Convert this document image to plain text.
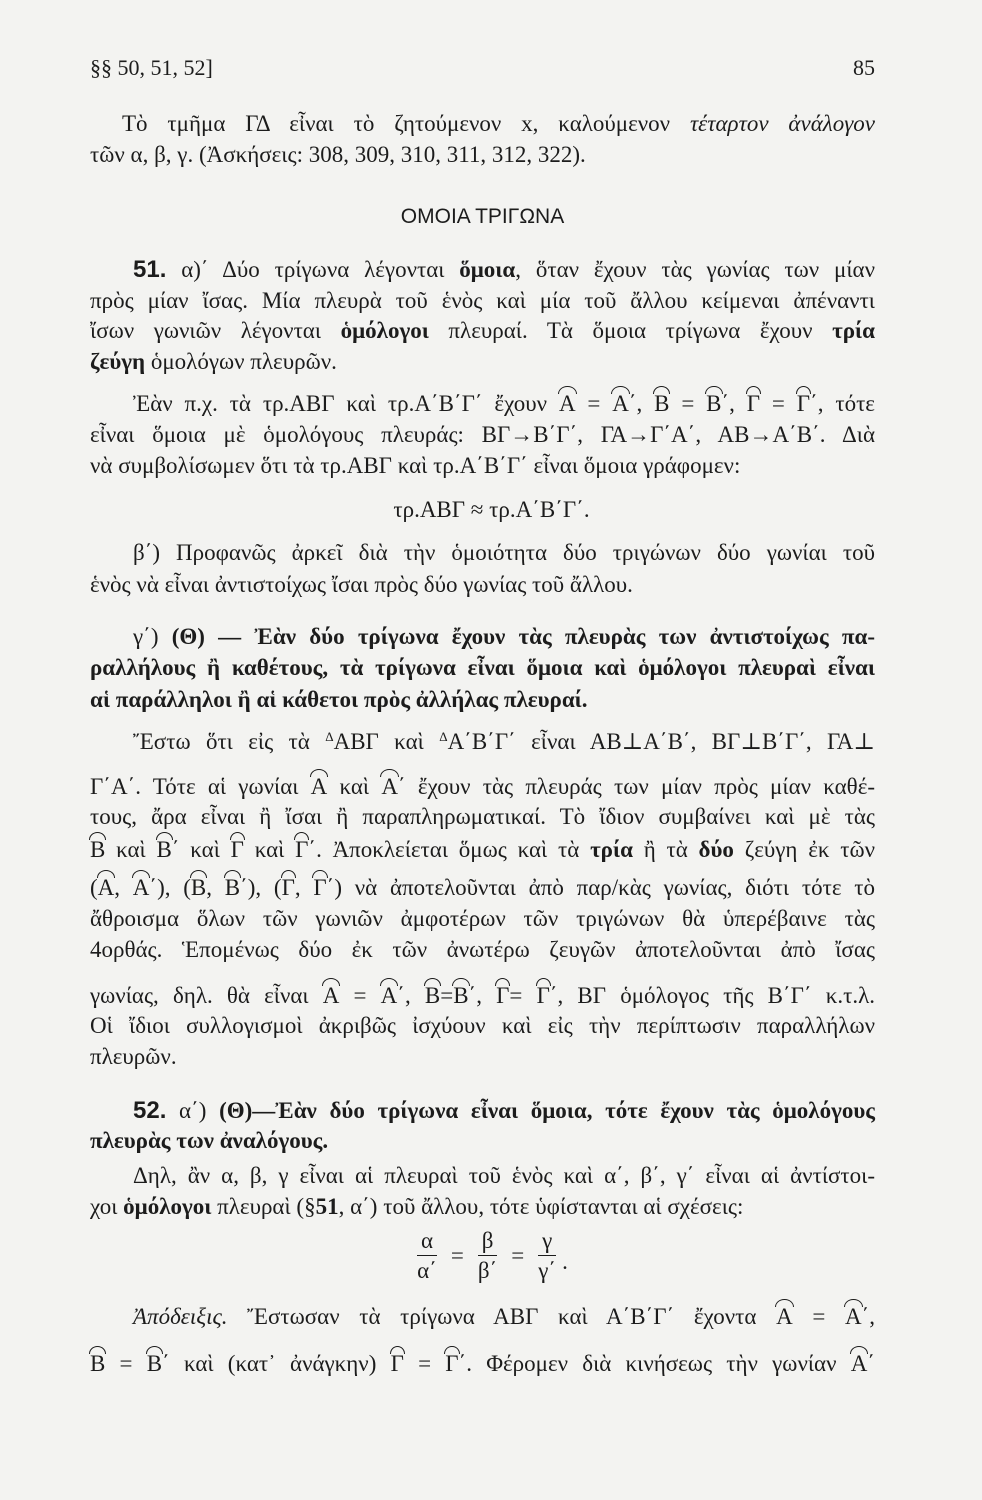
§§ 50, 51, 52]	85
Τὸ τμῆμα ΓΔ εἶναι τὸ ζητούμενον x, καλούμενον τέταρτον ἀνάλογον
τῶν α, β, γ. (Ἀσκήσεις: 308, 309, 310, 311, 312, 322).
ΟΜΟΙΑ ΤΡΙΓΩΝΑ
51. α)΄ Δύο τρίγωνα λέγονται ὅμοια, ὅταν ἔχουν τὰς γωνίας των μίαν
πρὸς μίαν ἴσας. Μία πλευρὰ τοῦ ἑνὸς καὶ μία τοῦ ἄλλου κείμεναι ἀπέναντι
ἴσων γωνιῶν λέγονται ὁμόλογοι πλευραί. Τὰ ὅμοια τρίγωνα ἔχουν τρία
ζεύγη ὁμολόγων πλευρῶν.
Ἐὰν π.χ. τὰ τρ.ΑΒΓ καὶ τρ.Α΄Β΄Γ΄ ἔχουν Α = Α΄, Β = Β΄, Γ = Γ΄, τότε
εἶναι ὅμοια μὲ ὁμολόγους πλευράς: ΒΓ→Β΄Γ΄, ΓΑ→Γ΄Α΄, ΑΒ→Α΄Β΄. Διὰ
νὰ συμβολίσωμεν ὅτι τὰ τρ.ΑΒΓ καὶ τρ.Α΄Β΄Γ΄ εἶναι ὅμοια γράφομεν:
τρ.ΑΒΓ ≈ τρ.Α΄Β΄Γ΄.
β΄) Προφανῶς ἀρκεῖ διὰ τὴν ὁμοιότητα δύο τριγώνων δύο γωνίαι τοῦ
ἑνὸς νὰ εἶναι ἀντιστοίχως ἴσαι πρὸς δύο γωνίας τοῦ ἄλλου.
γ΄) (Θ) — Ἐὰν δύο τρίγωνα ἔχουν τὰς πλευρὰς των ἀντιστοίχως πα-
ραλλήλους ἢ καθέτους, τὰ τρίγωνα εἶναι ὅμοια καὶ ὁμόλογοι πλευραὶ εἶναι
αἱ παράλληλοι ἢ αἱ κάθετοι πρὸς ἀλλήλας πλευραί.
Ἔστω ὅτι εἰς τὰ $^\Delta$ΑΒΓ καὶ $^\Delta$Α΄Β΄Γ΄ εἶναι ΑΒ⊥Α΄Β΄, ΒΓ⊥Β΄Γ΄, ΓΑ⊥
Γ΄Α΄. Τότε αἱ γωνίαι Α καὶ Α΄ ἔχουν τὰς πλευράς των μίαν πρὸς μίαν καθέ-
τους, ἄρα εἶναι ἢ ἴσαι ἢ παραπληρωματικαί. Τὸ ἴδιον συμβαίνει καὶ μὲ τὰς
Β καὶ Β΄ καὶ Γ καὶ Γ΄. Ἀποκλείεται ὅμως καὶ τὰ τρία ἢ τὰ δύο ζεύγη ἐκ τῶν
(Α, Α΄), (Β, Β΄), (Γ, Γ΄) νὰ ἀποτελοῦνται ἀπὸ παρ/κὰς γωνίας, διότι τότε τὸ
ἄθροισμα ὅλων τῶν γωνιῶν ἀμφοτέρων τῶν τριγώνων θὰ ὑπερέβαινε τὰς
4ορθάς. Ἑπομένως δύο ἐκ τῶν ἀνωτέρω ζευγῶν ἀποτελοῦνται ἀπὸ ἴσας
γωνίας, δηλ. θὰ εἶναι Α = Α΄, Β=Β΄, Γ= Γ΄, ΒΓ ὁμόλογος τῆς Β΄Γ΄ κ.τ.λ.
Οἱ ἴδιοι συλλογισμοὶ ἀκριβῶς ἰσχύουν καὶ εἰς τὴν περίπτωσιν παραλλήλων
πλευρῶν.
52. α΄) (Θ)—Ἐὰν δύο τρίγωνα εἶναι ὅμοια, τότε ἔχουν τὰς ὁμολόγους
πλευρὰς των ἀναλόγους.
Δηλ, ἂν α, β, γ εἶναι αἱ πλευραὶ τοῦ ἑνὸς καὶ α΄, β΄, γ΄ εἶναι αἱ ἀντίστοι-
χοι ὁμόλογοι πλευραὶ (§51, α΄) τοῦ ἄλλου, τότε ὑφίστανται αἱ σχέσεις:
$\frac{\alpha}{\alpha΄} = \frac{\beta}{\beta΄} = \frac{\gamma}{\gamma΄}$ .
Ἀπόδειξις. Ἔστωσαν τὰ τρίγωνα ΑΒΓ καὶ Α΄Β΄Γ΄ ἔχοντα Α = Α΄,
Β = Β΄ καὶ (κατ᾽ ἀνάγκην) Γ = Γ΄. Φέρομεν διὰ κινήσεως τὴν γωνίαν Α΄
